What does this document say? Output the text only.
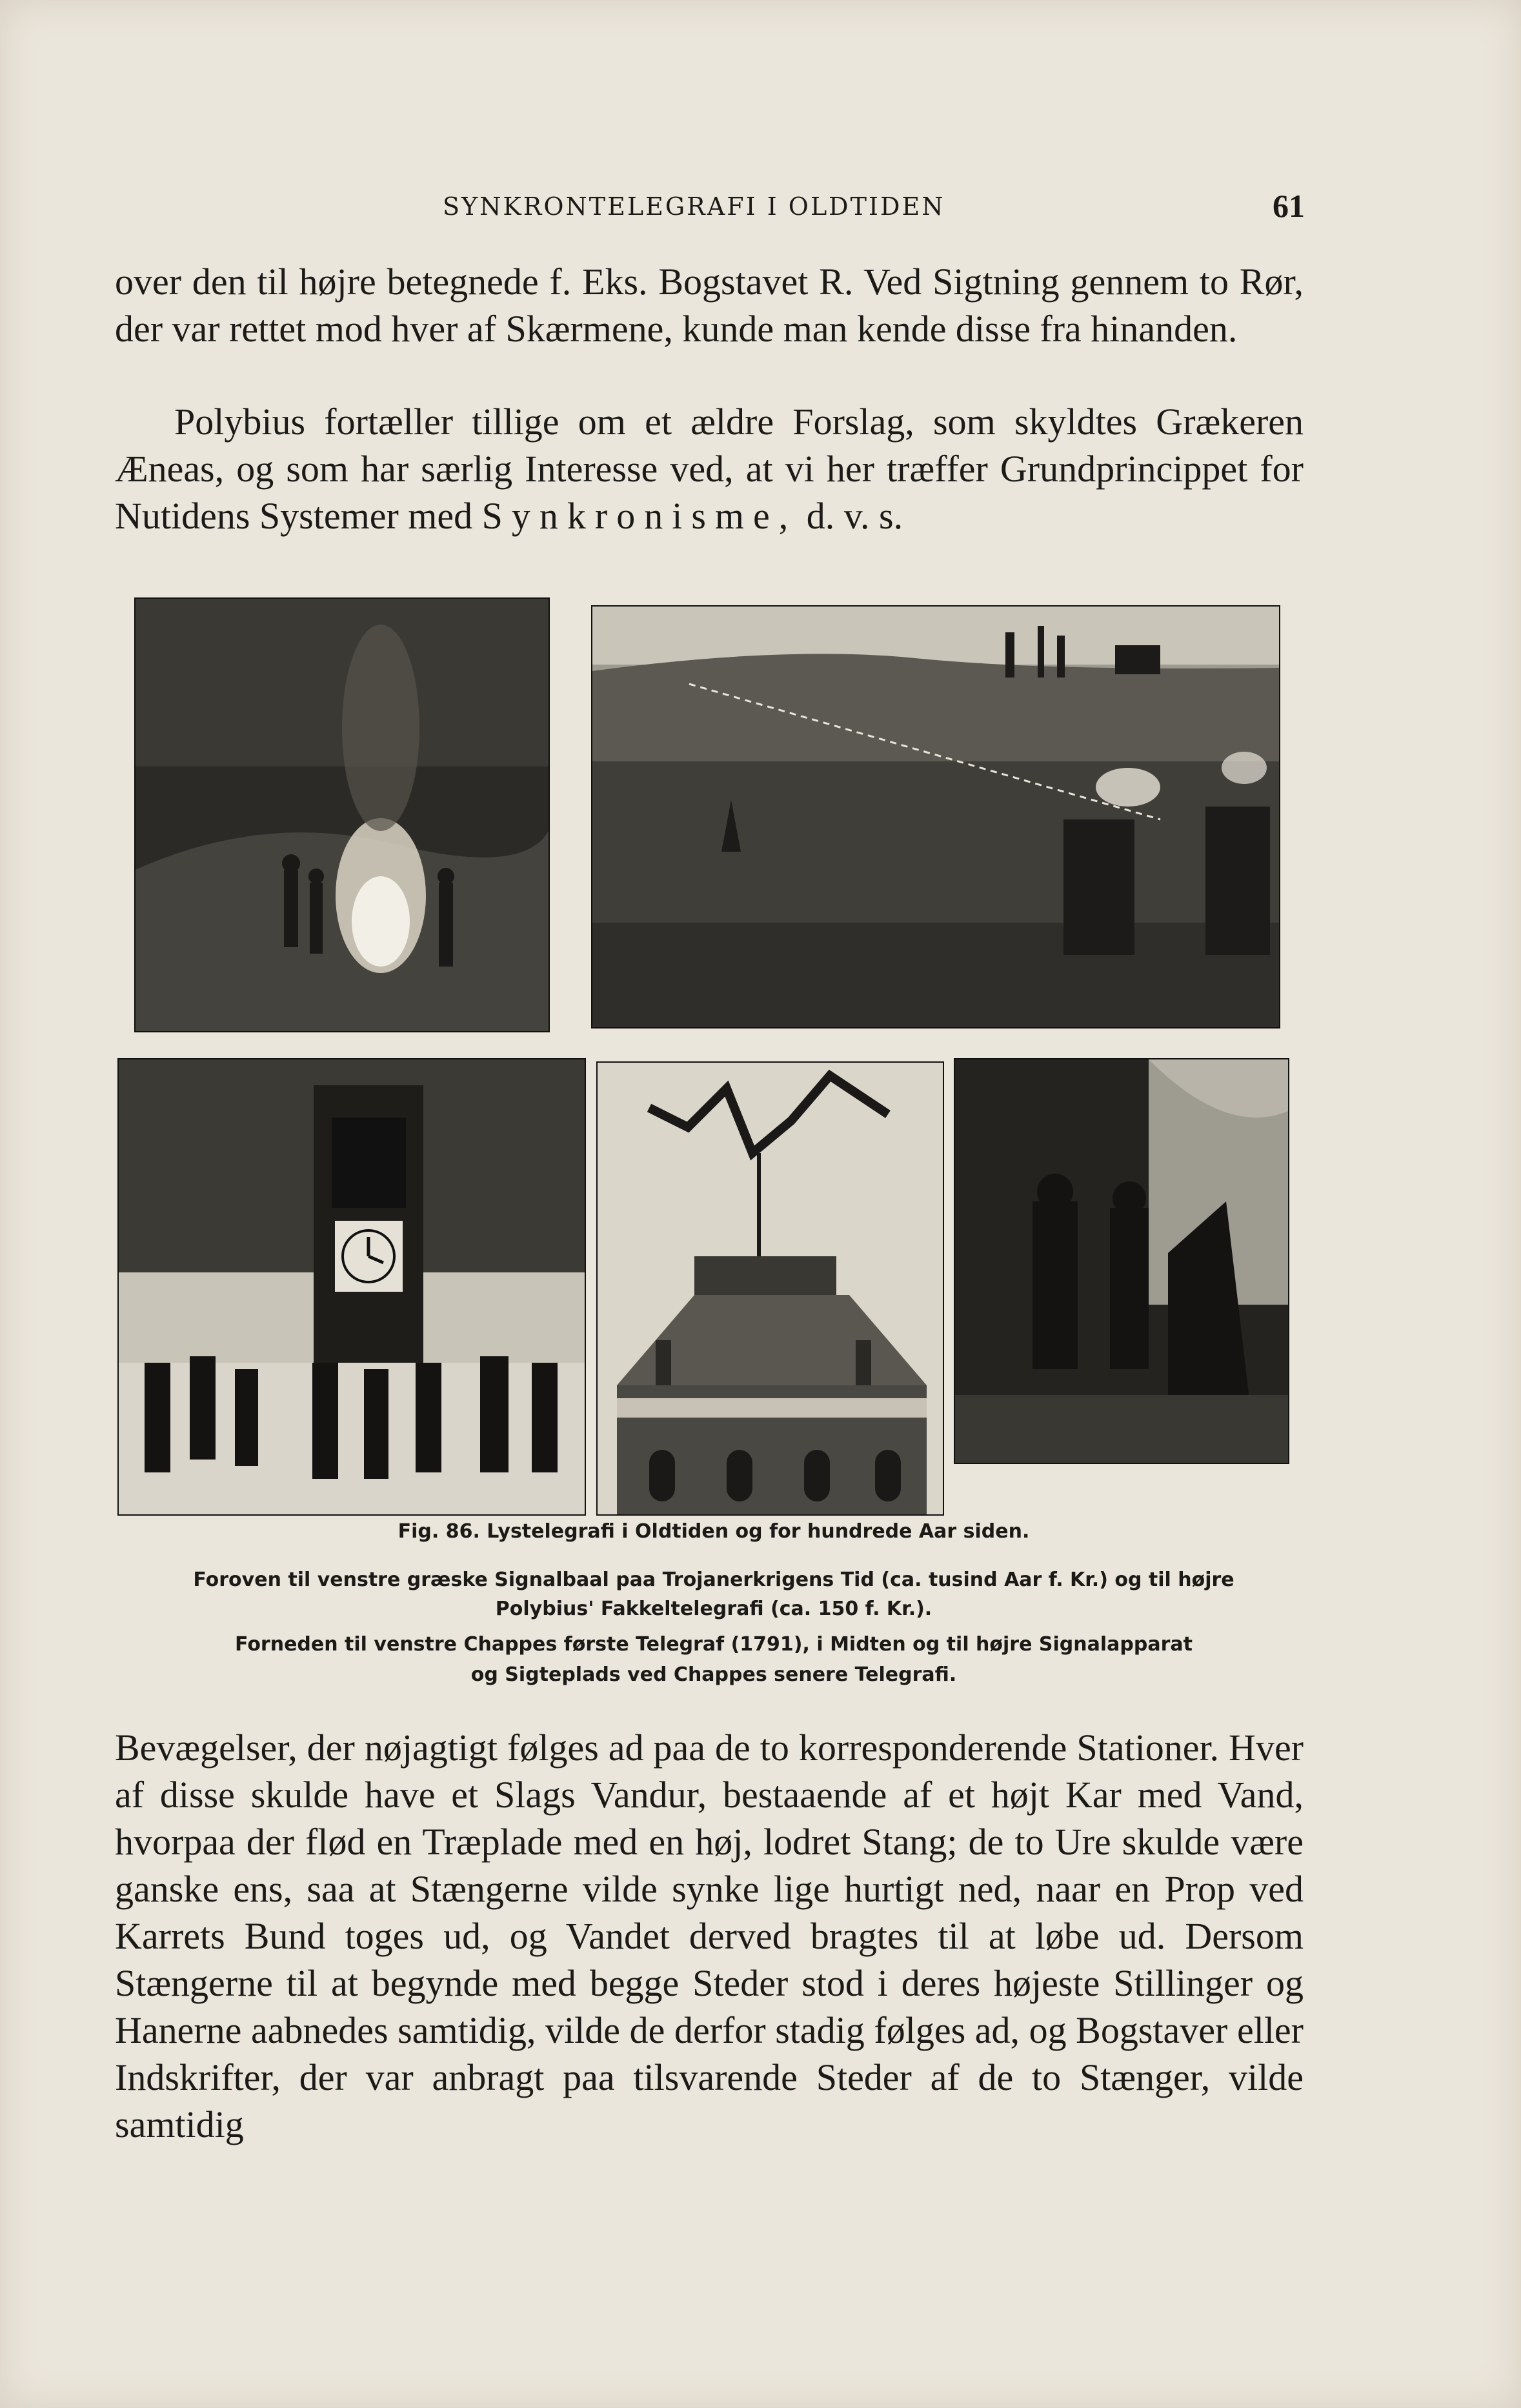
SYNKRONTELEGRAFI I OLDTIDEN	61

over den til højre betegnede f. Eks. Bogstavet R. Ved Sigtning gennem to Rør, der var rettet mod hver af Skærmene, kunde man kende disse fra hinanden.

Polybius fortæller tillige om et ældre Forslag, som skyldtes Grækeren Æneas, og som har særlig Interesse ved, at vi her træffer Grundprincippet for Nutidens Systemer med Synkronisme, d. v. s.

Fig. 86. Lystelegrafi i Oldtiden og for hundrede Aar siden.
Foroven til venstre græske Signalbaal paa Trojanerkrigens Tid (ca. tusind Aar f. Kr.) og til højre
Polybius' Fakkeltelegrafi (ca. 150 f. Kr.).
Forneden til venstre Chappes første Telegraf (1791), i Midten og til højre Signalapparat
og Sigteplads ved Chappes senere Telegrafi.

Bevægelser, der nøjagtigt følges ad paa de to korresponderende Stationer. Hver af disse skulde have et Slags Vandur, bestaaende af et højt Kar med Vand, hvorpaa der flød en Træplade med en høj, lodret Stang; de to Ure skulde være ganske ens, saa at Stængerne vilde synke lige hurtigt ned, naar en Prop ved Karrets Bund toges ud, og Vandet derved bragtes til at løbe ud. Dersom Stængerne til at begynde med begge Steder stod i deres højeste Stillinger og Hanerne aabnedes samtidig, vilde de derfor stadig følges ad, og Bogstaver eller Indskrifter, der var anbragt paa tilsvarende Steder af de to Stænger, vilde samtidig
